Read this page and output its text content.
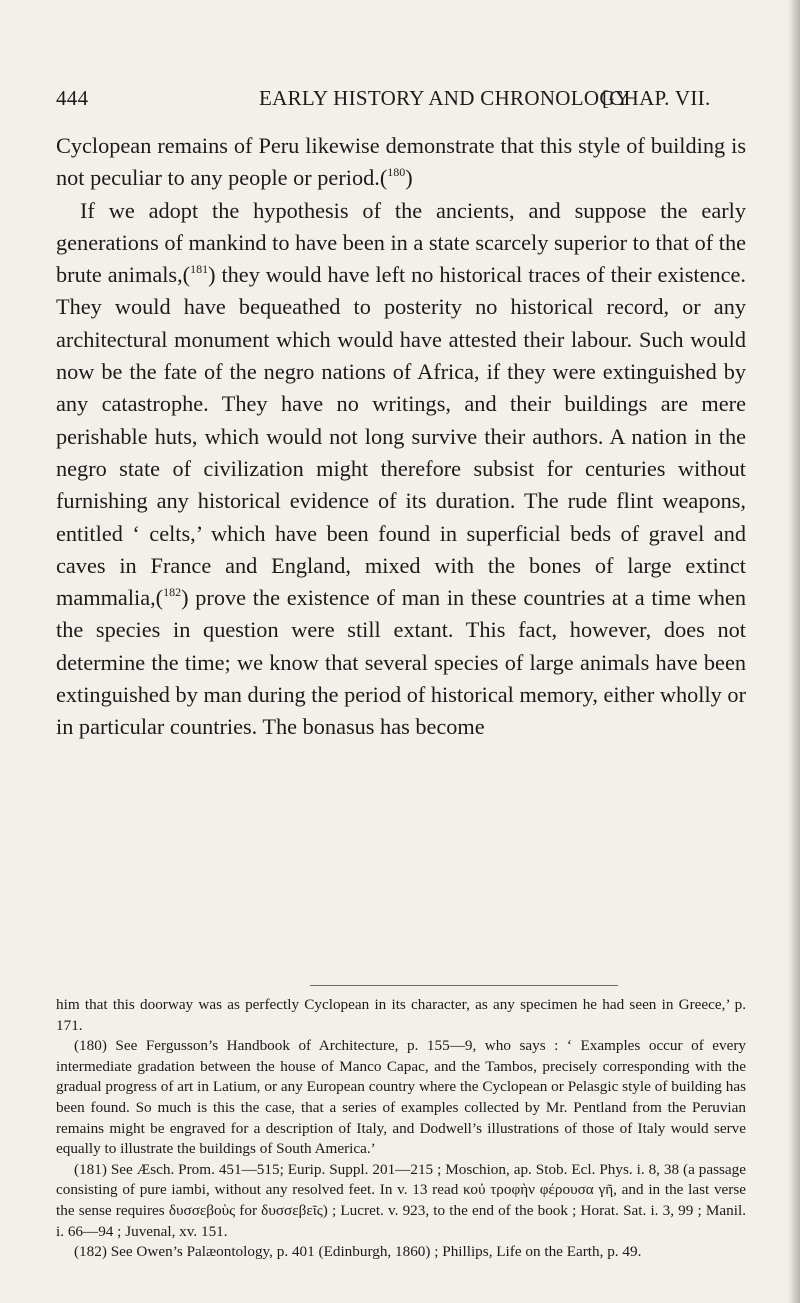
444	EARLY HISTORY AND CHRONOLOGY
[CHAP. VII.

Cyclopean remains of Peru likewise demonstrate that this style of building is not peculiar to any people or period.($^{180}$)

If we adopt the hypothesis of the ancients, and suppose the early generations of mankind to have been in a state scarcely superior to that of the brute animals,($^{181}$) they would have left no historical traces of their existence. They would have bequeathed to posterity no historical record, or any architectural monument which would have attested their labour. Such would now be the fate of the negro nations of Africa, if they were extinguished by any catastrophe. They have no writings, and their buildings are mere perishable huts, which would not long survive their authors. A nation in the negro state of civilization might therefore subsist for centuries without furnishing any historical evidence of its duration. The rude flint weapons, entitled ‘ celts,’ which have been found in superficial beds of gravel and caves in France and England, mixed with the bones of large extinct mammalia,($^{182}$) prove the existence of man in these countries at a time when the species in question were still extant. This fact, however, does not determine the time; we know that several species of large animals have been extinguished by man during the period of historical memory, either wholly or in particular countries. The bonasus has become

him that this doorway was as perfectly Cyclopean in its character, as any specimen he had seen in Greece,’ p. 171.

(180) See Fergusson’s Handbook of Architecture, p. 155—9, who says : ‘ Examples occur of every intermediate gradation between the house of Manco Capac, and the Tambos, precisely corresponding with the gradual progress of art in Latium, or any European country where the Cyclopean or Pelasgic style of building has been found. So much is this the case, that a series of examples collected by Mr. Pentland from the Peruvian remains might be engraved for a description of Italy, and Dodwell’s illustrations of those of Italy would serve equally to illustrate the buildings of South America.’

(181) See Æsch. Prom. 451—515; Eurip. Suppl. 201—215 ; Moschion, ap. Stob. Ecl. Phys. i. 8, 38 (a passage consisting of pure iambi, without any resolved feet. In v. 13 read κοὐ τροφὴν φέρουσα γῆ, and in the last verse the sense requires δυσσεβοὺς for δυσσεβεῖς) ; Lucret. v. 923, to the end of the book ; Horat. Sat. i. 3, 99 ; Manil. i. 66—94 ; Juvenal, xv. 151.

(182) See Owen’s Palæontology, p. 401 (Edinburgh, 1860) ; Phillips, Life on the Earth, p. 49.
